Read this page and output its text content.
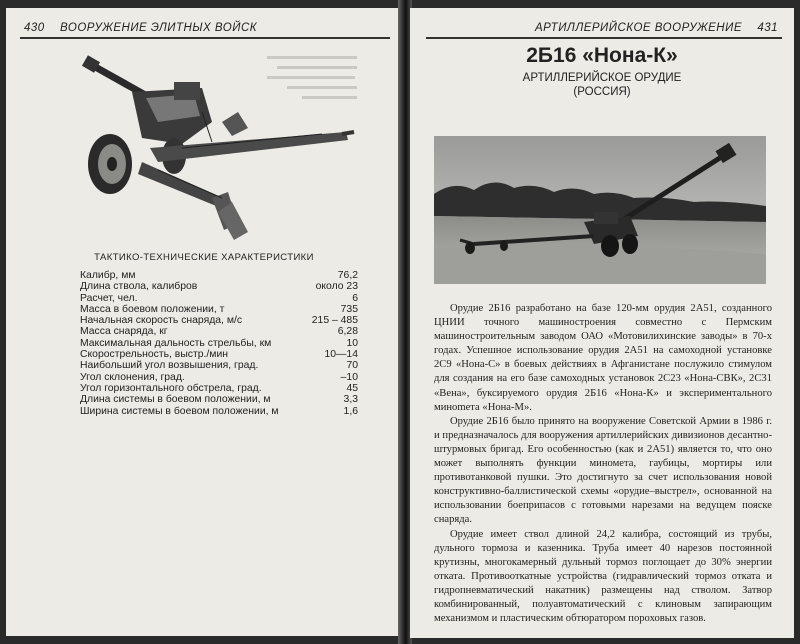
430 ВООРУЖЕНИЕ ЭЛИТНЫХ ВОЙСК
ТАКТИКО-ТЕХНИЧЕСКИЕ ХАРАКТЕРИСТИКИ
Калибр, мм	76,2
Длина ствола, калибров	около 23
Расчет, чел.	6
Масса в боевом положении, т	735
Начальная скорость снаряда, м/с	215 – 485
Масса снаряда, кг	6,28
Максимальная дальность стрельбы, км	10
Скорострельность, выстр./мин	10—14
Наибольший угол возвышения, град.	70
Угол склонения, град.	–10
Угол горизонтального обстрела, град.	45
Длина системы в боевом положении, м	3,3
Ширина системы в боевом положении, м	1,6
АРТИЛЛЕРИЙСКОЕ ВООРУЖЕНИЕ 431
2Б16 «Нона-К»
АРТИЛЛЕРИЙСКОЕ ОРУДИЕ
(РОССИЯ)

Орудие 2Б16 разработано на базе 120-мм орудия 2А51, созданного ЦНИИ точного машиностроения совместно с Пермским машиностроительным заводом ОАО «Мотовилихинские заводы» в 70-х годах. Успешное использование орудия 2А51 на самоходной установке 2С9 «Нона-С» в боевых действиях в Афганистане послужило стимулом для создания на его базе самоходных установок 2С23 «Нона-СВК», 2С31 «Вена», буксируемого орудия 2Б16 «Нона-К» и экспериментального минomета «Нона-М».

Орудие 2Б16 было принято на вооружение Советской Армии в 1986 г. и предназначалось для вооружения артиллерийских дивизионов десантно-штурмовых бригад. Его особенностью (как и 2А51) является то, что оно может выполнять функции миномета, гаубицы, мортиры или противотанковой пушки. Это достигнуто за счет использования новой конструктивно-баллистической схемы «орудие–выстрел», основанной на использовании боеприпасов с готовыми нарезами на ведущем пояске снаряда.

Орудие имеет ствол длиной 24,2 калибра, состоящий из трубы, дульного тормоза и казенника. Труба имеет 40 нарезов постоянной крутизны, многокамерный дульный тормоз поглощает до 30% энергии отката. Противооткатные устройства (гидравлический тормоз отката и гидропневматический накатник) размещены над стволом. Затвор комбинированный, полуавтоматический с клиновым запирающим механизмом и пластическим обтюратором пороховых газов.
